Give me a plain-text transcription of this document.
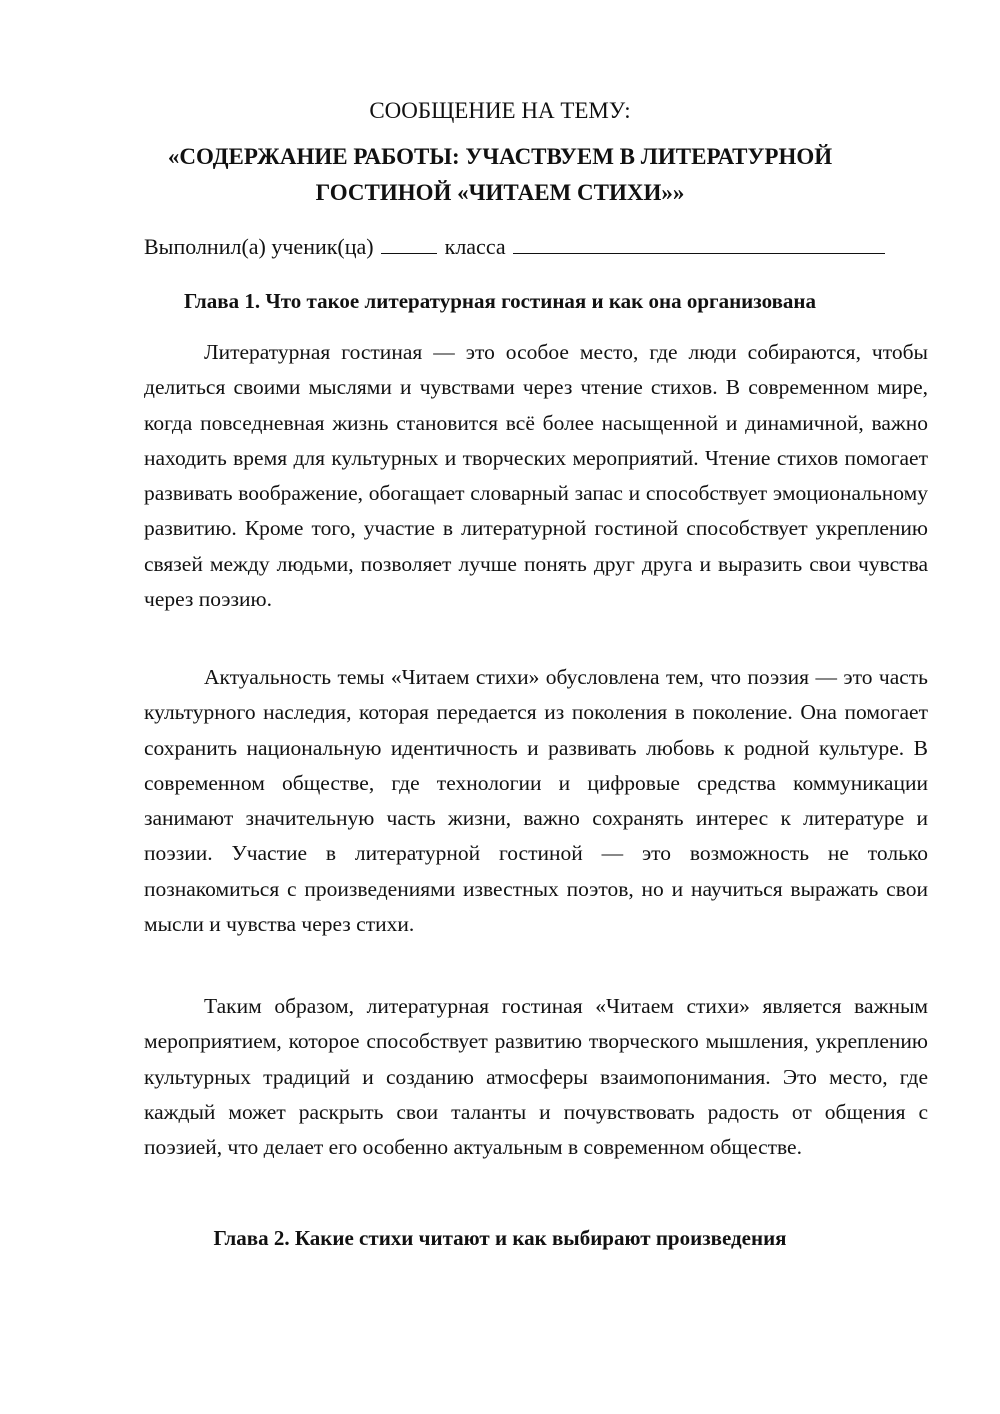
СООБЩЕНИЕ НА ТЕМУ:

«СОДЕРЖАНИЕ РАБОТЫ: УЧАСТВУЕМ В ЛИТЕРАТУРНОЙ ГОСТИНОЙ «ЧИТАЕМ СТИХИ»»

Выполнил(а) ученик(ца)	класса
Глава 1. Что такое литературная гостиная и как она организована

Литературная гостиная — это особое место, где люди собираются, чтобы делиться своими мыслями и чувствами через чтение стихов. В современном мире, когда повседневная жизнь становится всё более насыщенной и динамичной, важно находить время для культурных и творческих мероприятий. Чтение стихов помогает развивать воображение, обогащает словарный запас и способствует эмоциональному развитию. Кроме того, участие в литературной гостиной способствует укреплению связей между людьми, позволяет лучше понять друг друга и выразить свои чувства через поэзию.

Актуальность темы «Читаем стихи» обусловлена тем, что поэзия — это часть культурного наследия, которая передается из поколения в поколение. Она помогает сохранить национальную идентичность и развивать любовь к родной культуре. В современном обществе, где технологии и цифровые средства коммуникации занимают значительную часть жизни, важно сохранять интерес к литературе и поэзии. Участие в литературной гостиной — это возможность не только познакомиться с произведениями известных поэтов, но и научиться выражать свои мысли и чувства через стихи.

Таким образом, литературная гостиная «Читаем стихи» является важным мероприятием, которое способствует развитию творческого мышления, укреплению культурных традиций и созданию атмосферы взаимопонимания. Это место, где каждый может раскрыть свои таланты и почувствовать радость от общения с поэзией, что делает его особенно актуальным в современном обществе.

Глава 2. Какие стихи читают и как выбирают произведения
